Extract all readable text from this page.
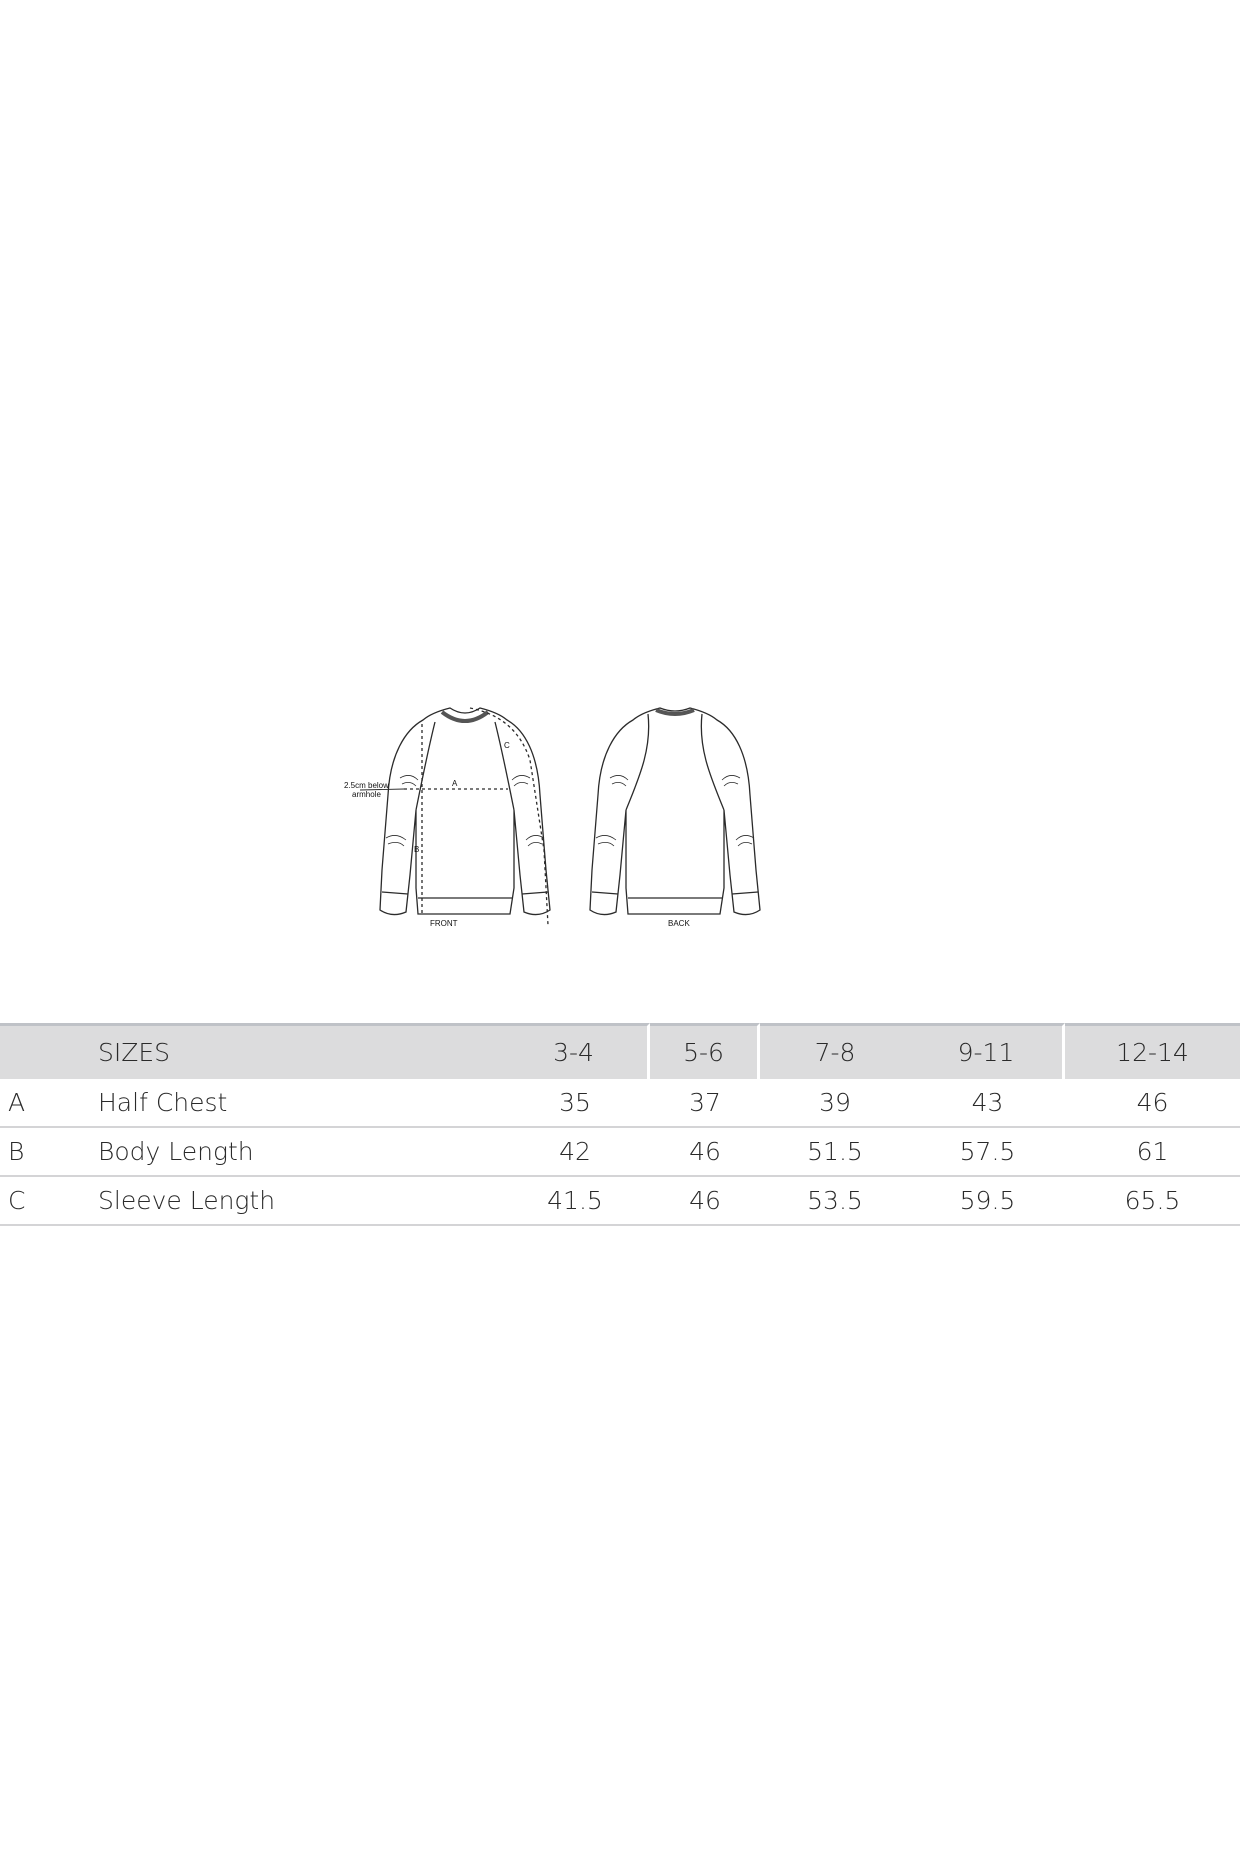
2.5cm below
armhole
A
B
C
FRONT	BACK
	SIZES	3-4	5-6	7-8	9-11	12-14
A	Half Chest	35	37	39	43	46
B	Body Length	42	46	51.5	57.5	61
C	Sleeve Length	41.5	46	53.5	59.5	65.5
